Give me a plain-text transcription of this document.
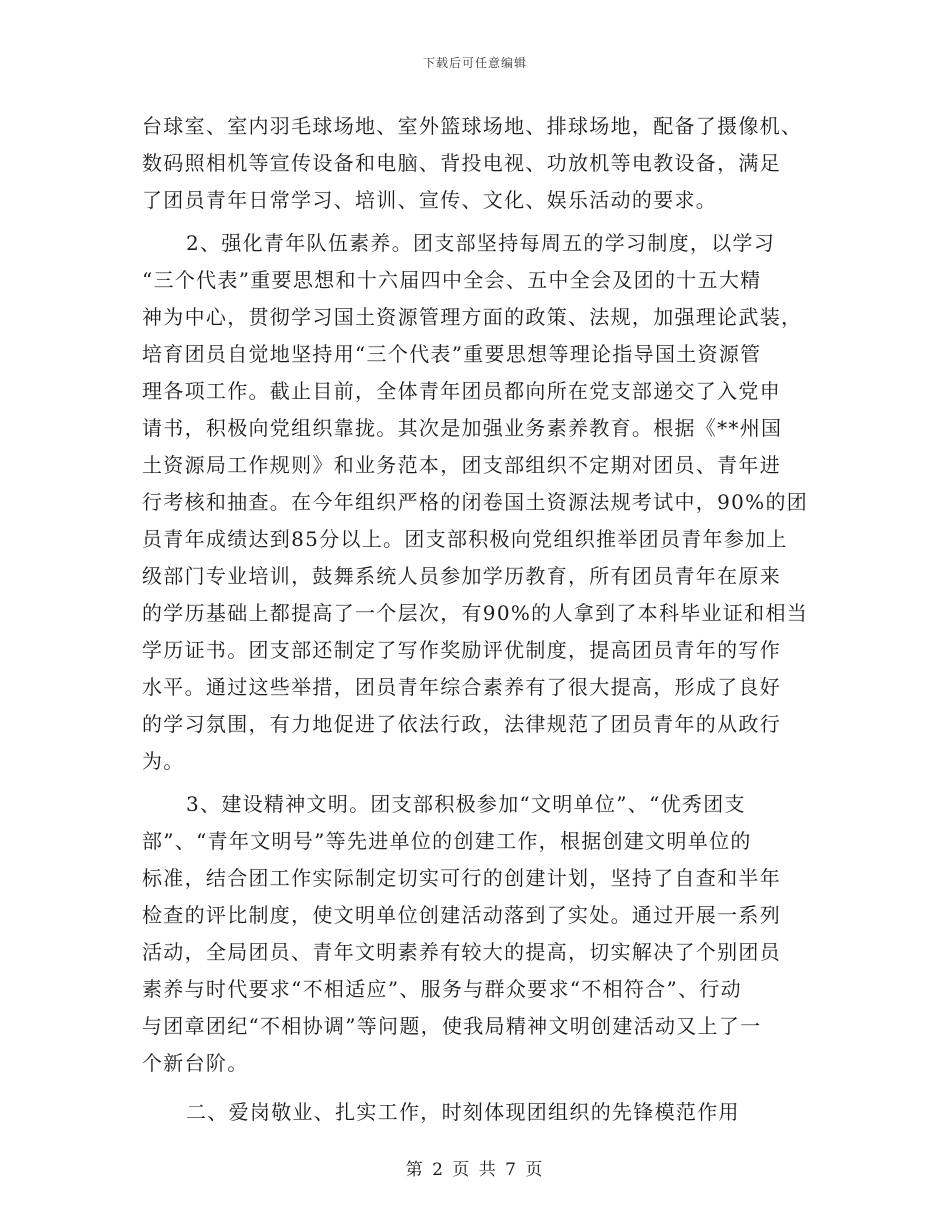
下载后可任意编辑
台球室、室内羽毛球场地、室外篮球场地、排球场地，配备了摄像机、
数码照相机等宣传设备和电脑、背投电视、功放机等电教设备，满足
了团员青年日常学习、培训、宣传、文化、娱乐活动的要求。
2、强化青年队伍素养。团支部坚持每周五的学习制度，以学习
“三个代表”重要思想和十六届四中全会、五中全会及团的十五大精
神为中心，贯彻学习国土资源管理方面的政策、法规，加强理论武装，
培育团员自觉地坚持用“三个代表”重要思想等理论指导国土资源管
理各项工作。截止目前，全体青年团员都向所在党支部递交了入党申
请书，积极向党组织靠拢。其次是加强业务素养教育。根据《**州国
土资源局工作规则》和业务范本，团支部组织不定期对团员、青年进
行考核和抽查。在今年组织严格的闭卷国土资源法规考试中，90%的团
员青年成绩达到85分以上。团支部积极向党组织推举团员青年参加上
级部门专业培训，鼓舞系统人员参加学历教育，所有团员青年在原来
的学历基础上都提高了一个层次，有90%的人拿到了本科毕业证和相当
学历证书。团支部还制定了写作奖励评优制度，提高团员青年的写作
水平。通过这些举措，团员青年综合素养有了很大提高，形成了良好
的学习氛围，有力地促进了依法行政，法律规范了团员青年的从政行
为。
3、建设精神文明。团支部积极参加“文明单位”、“优秀团支
部”、“青年文明号”等先进单位的创建工作，根据创建文明单位的
标准，结合团工作实际制定切实可行的创建计划，坚持了自查和半年
检查的评比制度，使文明单位创建活动落到了实处。通过开展一系列
活动，全局团员、青年文明素养有较大的提高，切实解决了个别团员
素养与时代要求“不相适应”、服务与群众要求“不相符合”、行动
与团章团纪“不相协调”等问题，使我局精神文明创建活动又上了一
个新台阶。
二、爱岗敬业、扎实工作，时刻体现团组织的先锋模范作用
第 2 页 共 7 页
